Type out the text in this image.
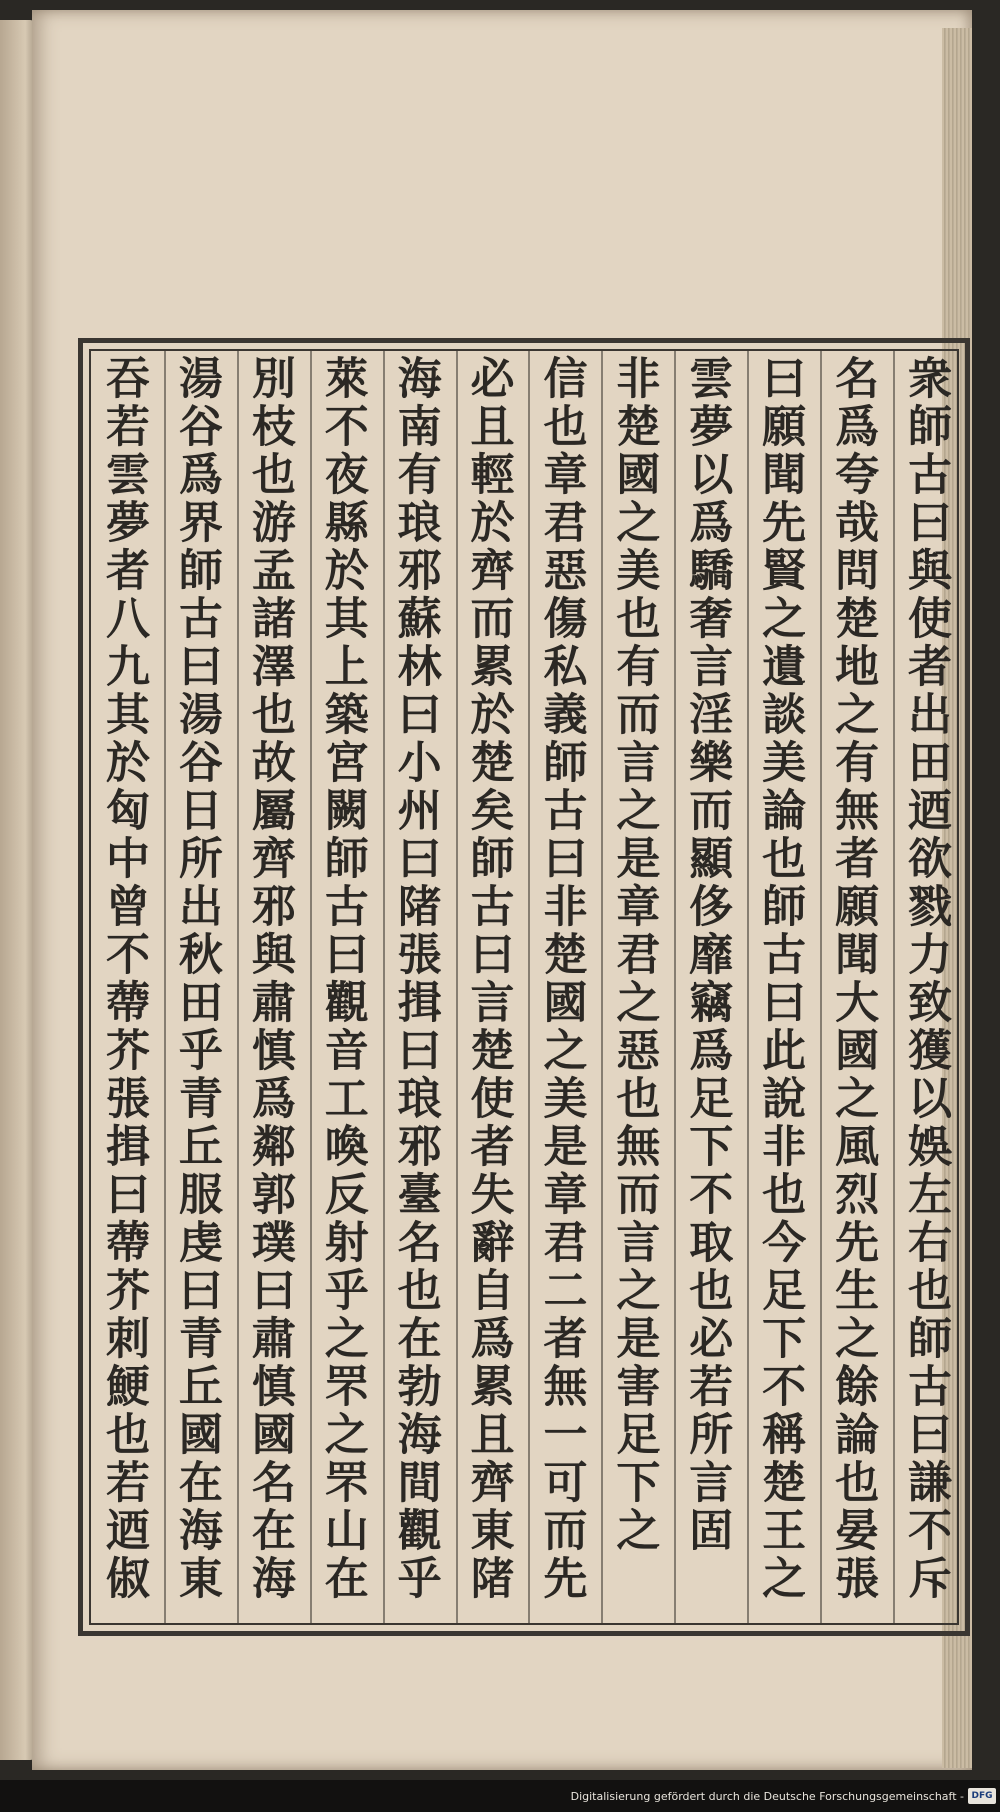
衆師古曰與使者出田迺欲戮力致獲以娛左右也師古曰謙不斥
名爲夸哉問楚地之有無者願聞大國之風烈先生之餘論也晏張
曰願聞先賢之遺談美論也師古曰此說非也今足下不稱楚王之
雲夢以爲驕奢言淫樂而顯侈靡竊爲足下不取也必若所言固
非楚國之美也有而言之是章君之惡也無而言之是害足下之
信也章君惡傷私義師古曰非楚國之美是章君二者無一可而先
必且輕於齊而累於楚矣師古曰言楚使者失辭自爲累且齊東陼
海南有琅邪蘇林曰小州曰陼張揖曰琅邪臺名也在勃海間觀乎
萊不夜縣於其上築宮闕師古曰觀音工喚反射乎之罘之罘山在
別枝也游孟諸澤也故屬齊邪與肅慎爲鄰郭璞曰肅慎國名在海
湯谷爲界師古曰湯谷日所出秋田乎青丘服虔曰青丘國在海東
吞若雲夢者八九其於匈中曾不蔕芥張揖曰蔕芥刺鯁也若迺俶
Digitalisierung gefördert durch die Deutsche Forschungsgemeinschaft - DFG
